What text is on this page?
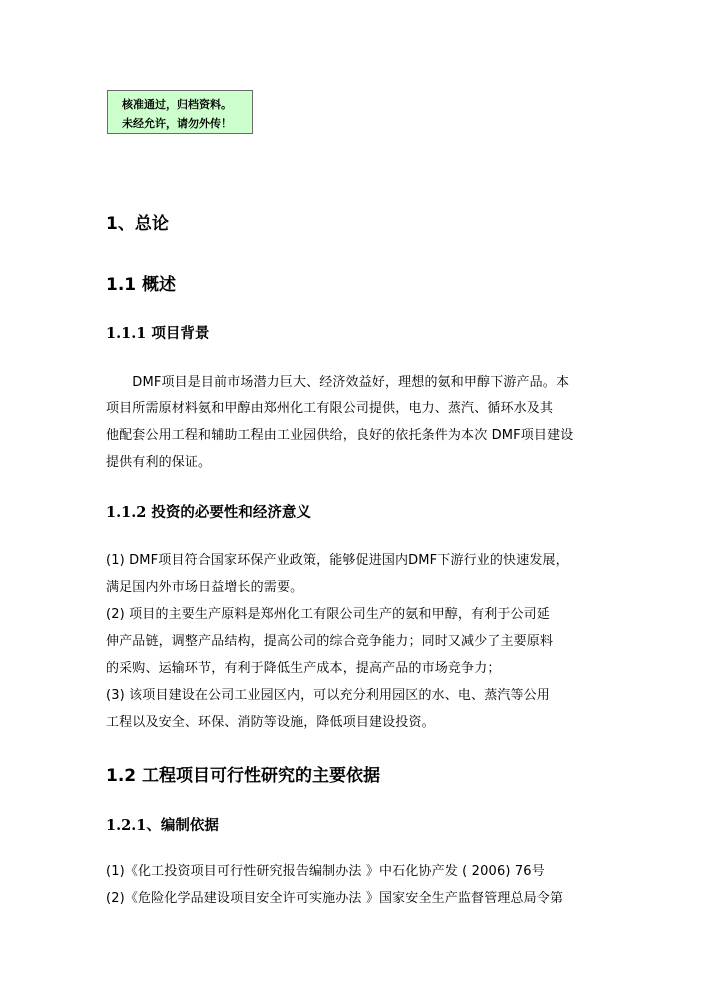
核准通过，归档资料。
未经允许，请勿外传！
1、总论
1.1 概述
1.1.1 项目背景
　　DMF项目是目前市场潜力巨大、经济效益好，理想的氨和甲醇下游产品。本
项目所需原材料氨和甲醇由郑州化工有限公司提供，电力、蒸汽、循环水及其
他配套公用工程和辅助工程由工业园供给，良好的依托条件为本次 DMF项目建设
提供有利的保证。
1.1.2 投资的必要性和经济意义
(1) DMF项目符合国家环保产业政策，能够促进国内DMF下游行业的快速发展，
满足国内外市场日益增长的需要。
(2) 项目的主要生产原料是郑州化工有限公司生产的氨和甲醇，有利于公司延
伸产品链，调整产品结构，提高公司的综合竞争能力；同时又减少了主要原料
的采购、运输环节，有利于降低生产成本，提高产品的市场竞争力；
(3) 该项目建设在公司工业园区内，可以充分利用园区的水、电、蒸汽等公用
工程以及安全、环保、消防等设施，降低项目建设投资。
1.2 工程项目可行性研究的主要依据
1.2.1、编制依据
(1)《化工投资项目可行性研究报告编制办法 》中石化协产发 ( 2006) 76号
(2)《危险化学品建设项目安全许可实施办法 》国家安全生产监督管理总局令第
